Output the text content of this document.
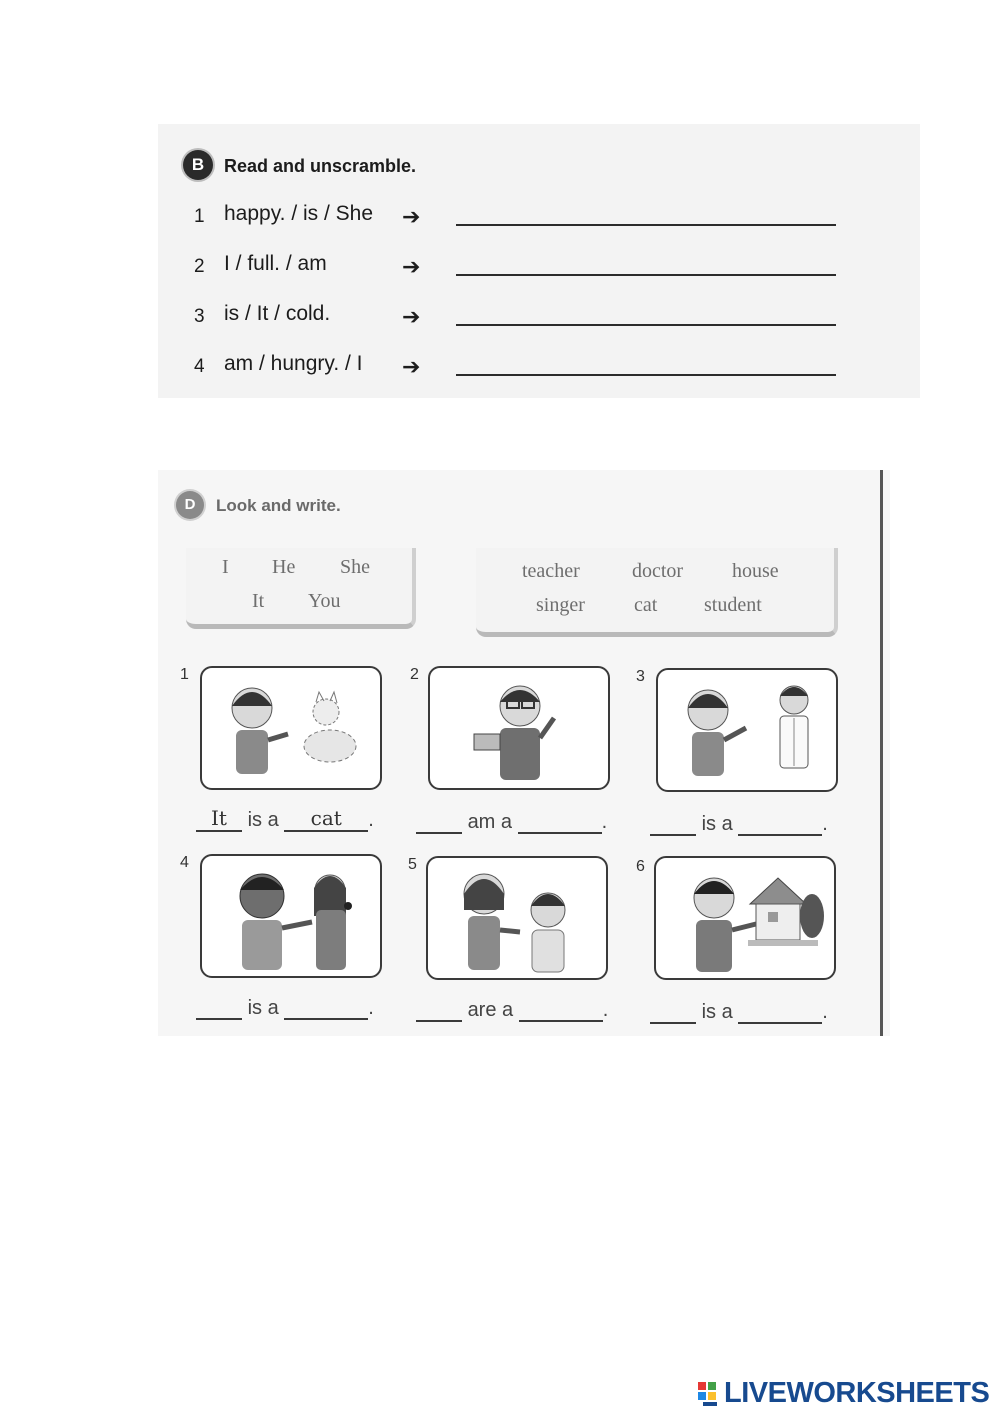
B	Read and unscramble.
1 happy. / is / She ➔
2 I / full. / am	➔
3 is / It / cold.	➔
4 am / hungry. / I ➔
D	Look and write.
I He She
It You
teacher	doctor house
singer cat student
1
It is a cat .
2
am a	.
3
is a	.
4
is a	.
5
are a	.
6
is a	.
LIVEWORKSHEETS
